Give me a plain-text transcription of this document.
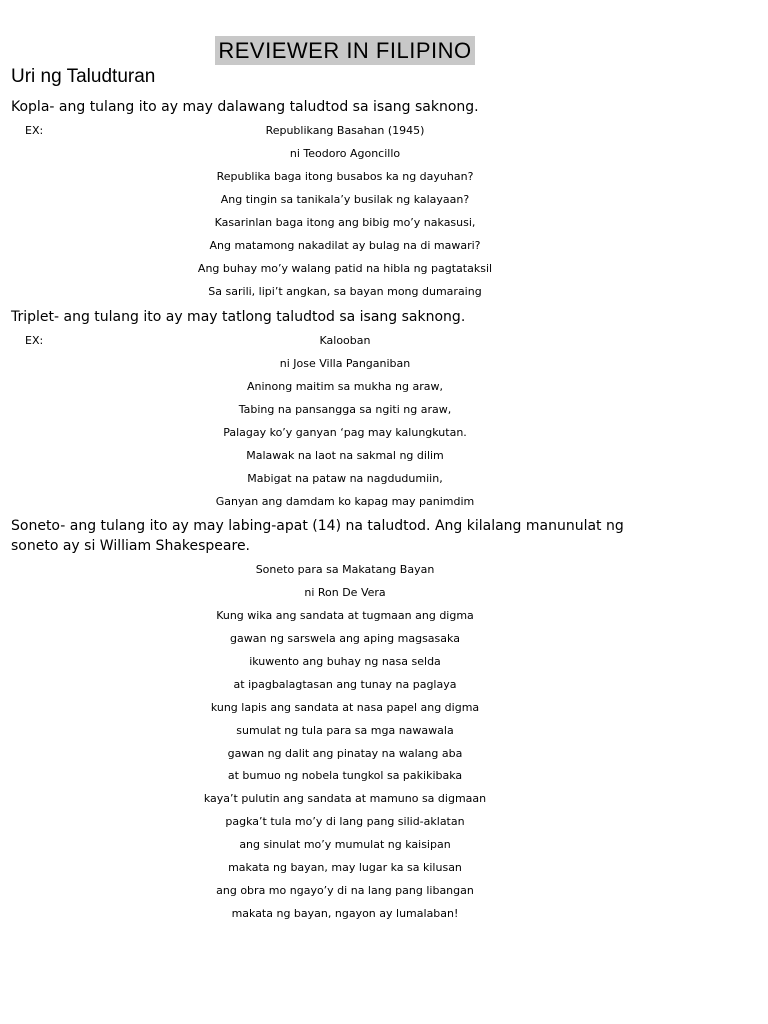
REVIEWER IN FILIPINO
Uri ng Taludturan
Kopla- ang tulang ito ay may dalawang taludtod sa isang saknong.
EX:	Republikang Basahan (1945)
ni Teodoro Agoncillo
Republika baga itong busabos ka ng dayuhan?
Ang tingin sa tanikala’y busilak ng kalayaan?
Kasarinlan baga itong ang bibig mo’y nakasusi,
Ang matamong nakadilat ay bulag na di mawari?
Ang buhay mo’y walang patid na hibla ng pagtataksil
Sa sarili, lipi’t angkan, sa bayan mong dumaraing
Triplet- ang tulang ito ay may tatlong taludtod sa isang saknong.
EX:	Kalooban
ni Jose Villa Panganiban
Aninong maitim sa mukha ng araw,
Tabing na pansangga sa ngiti ng araw,
Palagay ko’y ganyan ‘pag may kalungkutan.
Malawak na laot na sakmal ng dilim
Mabigat na pataw na nagdudumiin,
Ganyan ang damdam ko kapag may panimdim
Soneto- ang tulang ito ay may labing-apat (14) na taludtod. Ang kilalang manunulat ng soneto ay si William Shakespeare.
Soneto para sa Makatang Bayan
ni Ron De Vera
Kung wika ang sandata at tugmaan ang digma
gawan ng sarswela ang aping magsasaka
ikuwento ang buhay ng nasa selda
at ipagbalagtasan ang tunay na paglaya
kung lapis ang sandata at nasa papel ang digma
sumulat ng tula para sa mga nawawala
gawan ng dalit ang pinatay na walang aba
at bumuo ng nobela tungkol sa pakikibaka
kaya’t pulutin ang sandata at mamuno sa digmaan
pagka’t tula mo’y di lang pang silid-aklatan
ang sinulat mo’y mumulat ng kaisipan
makata ng bayan, may lugar ka sa kilusan
ang obra mo ngayo’y di na lang pang libangan
makata ng bayan, ngayon ay lumalaban!
